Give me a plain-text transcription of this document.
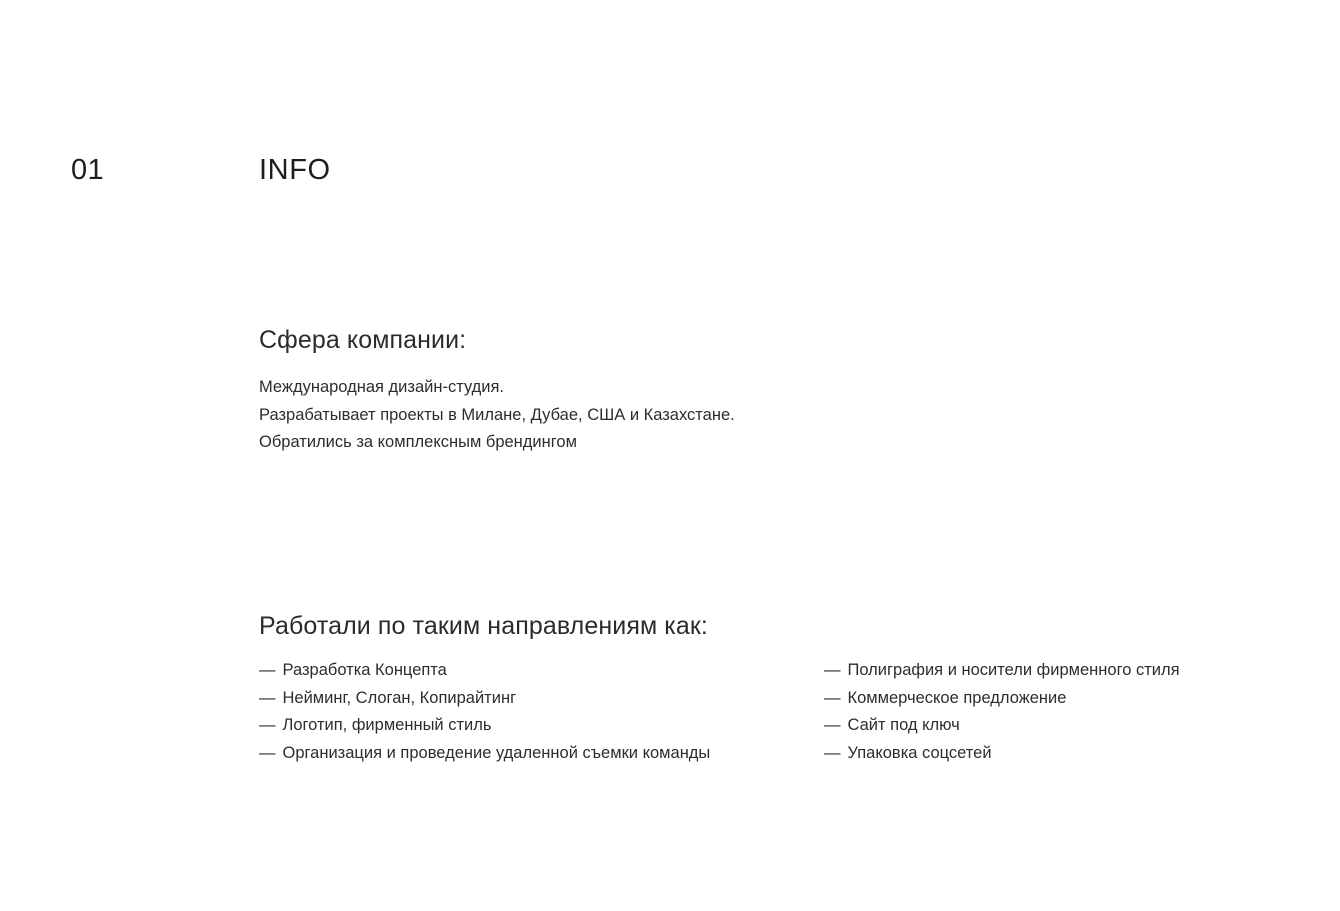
01	INFO
Сфера компании:
Международная дизайн-студия.
Разрабатывает проекты в Милане, Дубае, США и Казахстане.
Обратились за комплексным брендингом
Работали по таким направлениям как:
— Разработка Концепта
— Нейминг, Слоган, Копирайтинг
— Логотип, фирменный стиль
— Организация и проведение удаленной съемки команды
— Полиграфия и носители фирменного стиля
— Коммерческое предложение
— Сайт под ключ
— Упаковка соцсетей
